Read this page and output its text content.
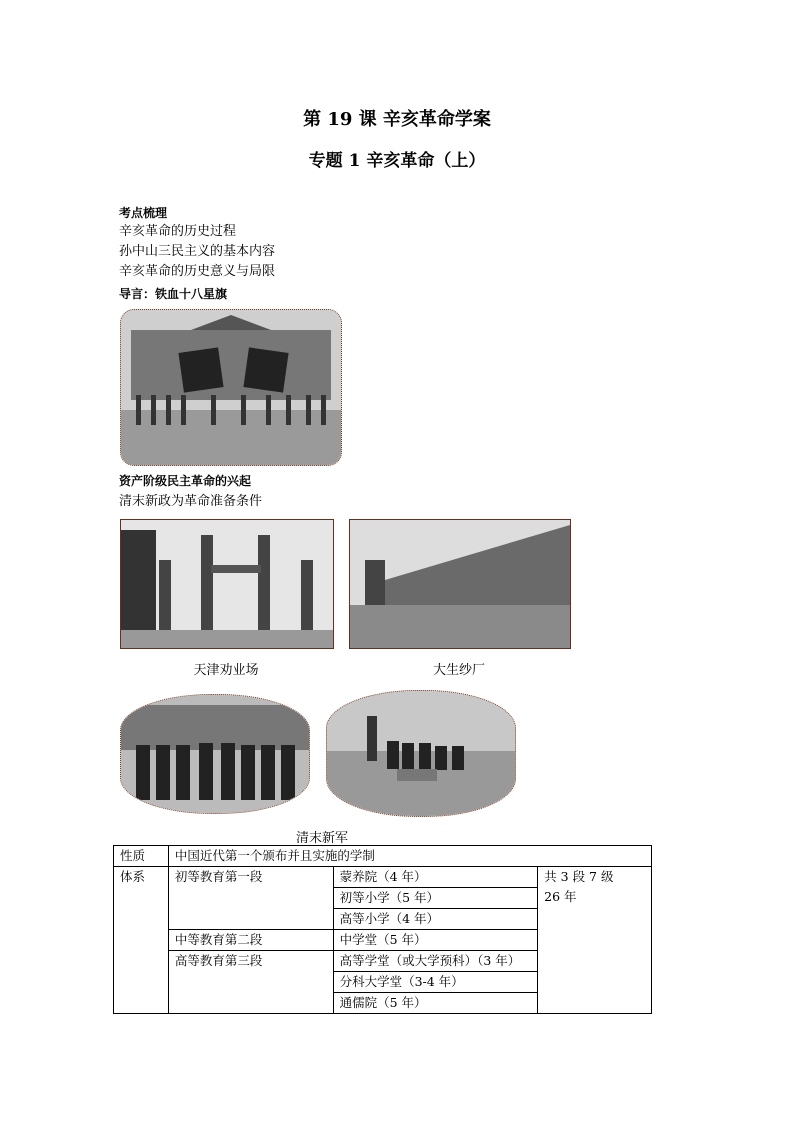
第 19 课 辛亥革命学案
专题 1 辛亥革命（上）
考点梳理
辛亥革命的历史过程
孙中山三民主义的基本内容
辛亥革命的历史意义与局限
导言：铁血十八星旗
资产阶级民主革命的兴起
清末新政为革命准备条件
天津劝业场	大生纱厂
清末新军
性质	中国近代第一个颁布并且实施的学制		
体系	初等教育第一段	蒙养院（4 年）	共 3 段 7 级
26 年

		初等小学（5 年）	
		高等小学（4 年）	
	中等教育第二段	中学堂（5 年）	
	高等教育第三段	高等学堂（或大学预科）（3 年）	
		分科大学堂（3-4 年）	
		通儒院（5 年）	
